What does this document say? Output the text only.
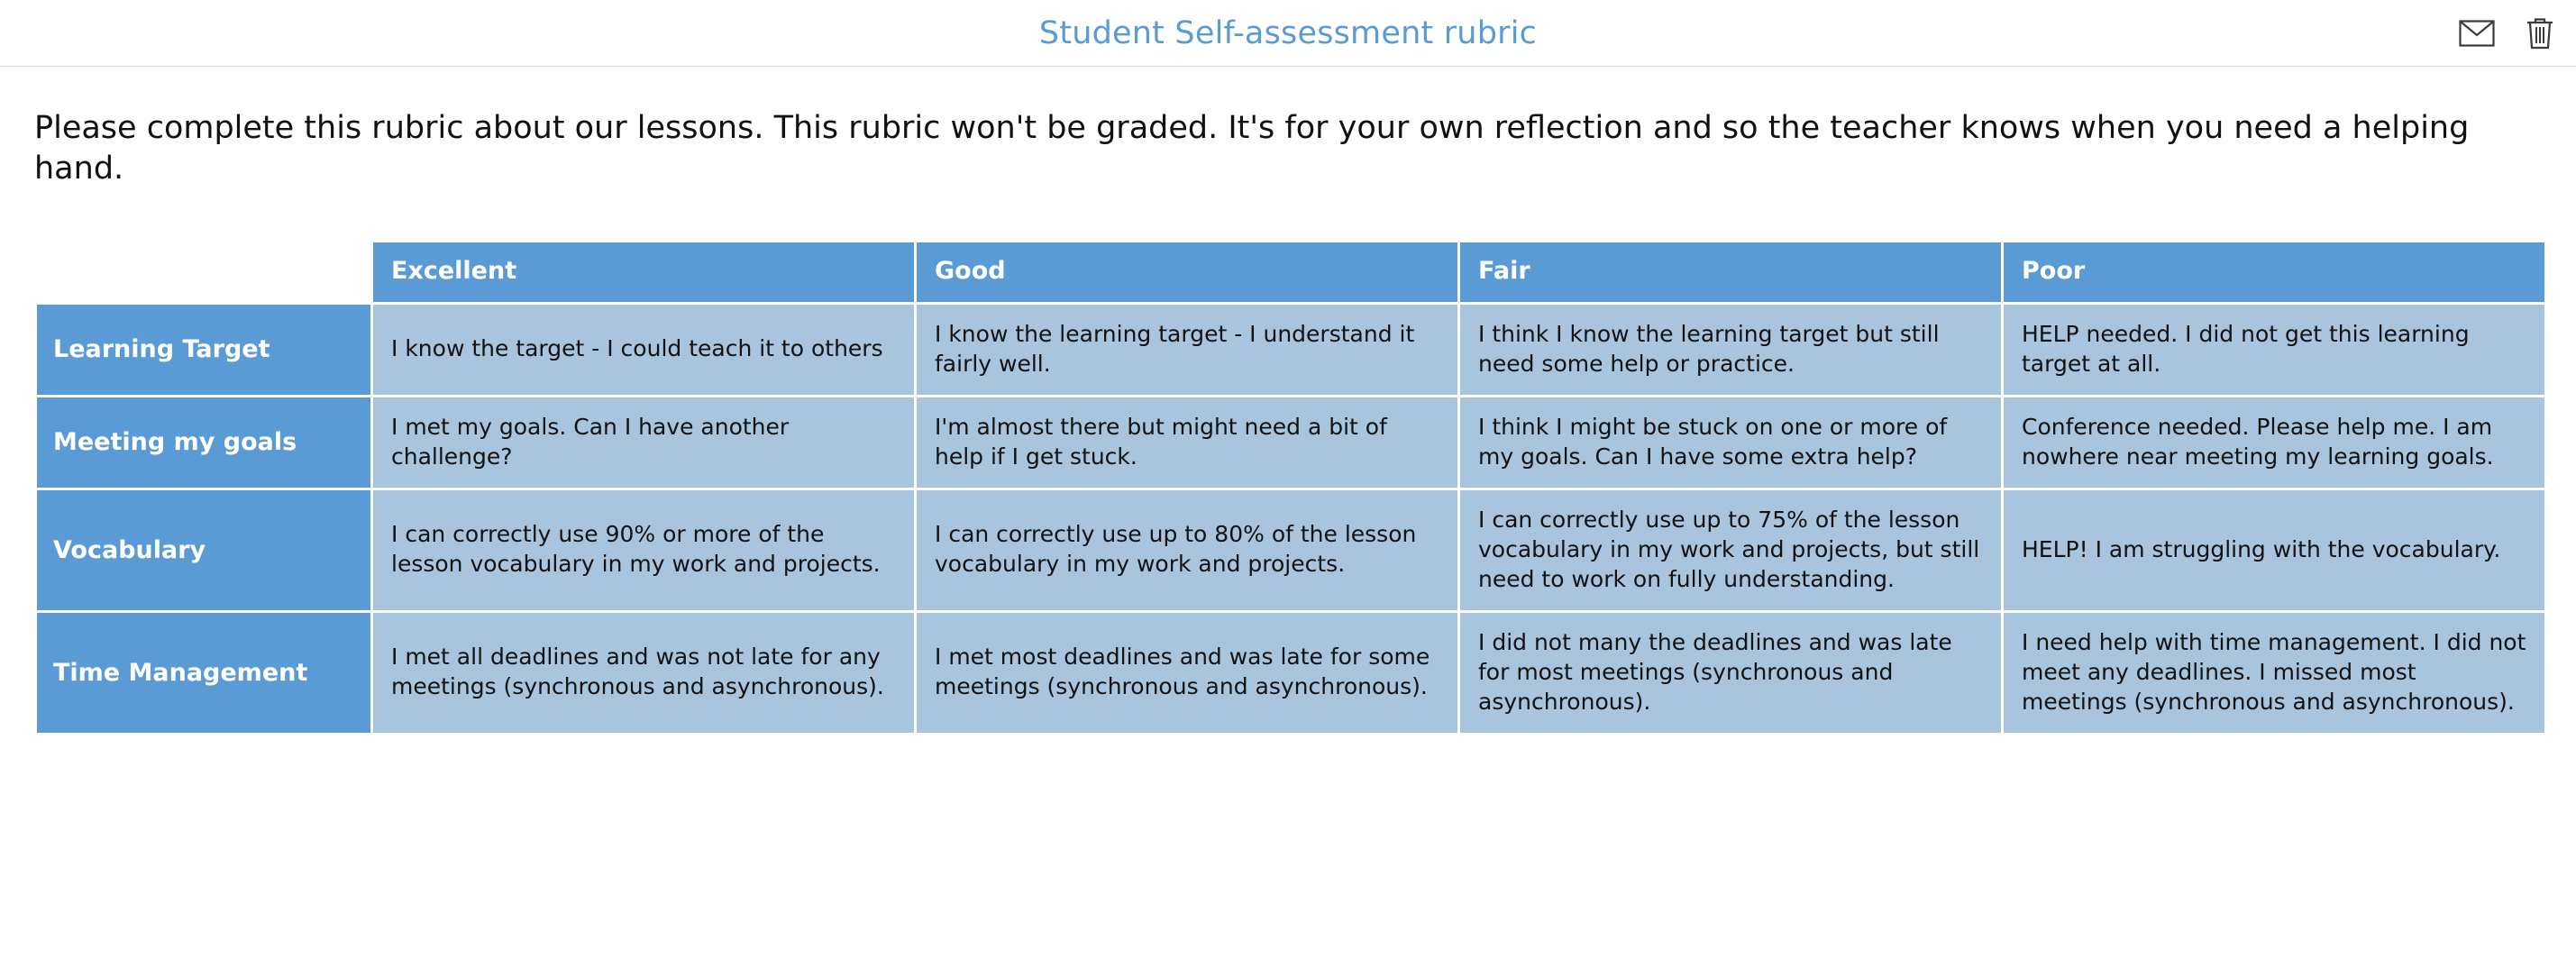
Student Self-assessment rubric

Please complete this rubric about our lessons. This rubric won't be graded. It's for your own reflection and so the teacher knows when you need a helping hand.

	Excellent	Good	Fair	Poor
Learning Target	I know the target - I could teach it to others	I know the learning target - I understand it fairly well.	I think I know the learning target but still need some help or practice.	HELP needed. I did not get this learning target at all.
Meeting my goals	I met my goals. Can I have another challenge?	I'm almost there but might need a bit of help if I get stuck.	I think I might be stuck on one or more of my goals. Can I have some extra help?	Conference needed. Please help me. I am nowhere near meeting my learning goals.
Vocabulary	I can correctly use 90% or more of the lesson vocabulary in my work and projects.	I can correctly use up to 80% of the lesson vocabulary in my work and projects.	I can correctly use up to 75% of the lesson vocabulary in my work and projects, but still need to work on fully understanding.	HELP! I am struggling with the vocabulary.
Time Management	I met all deadlines and was not late for any meetings (synchronous and asynchronous).	I met most deadlines and was late for some meetings (synchronous and asynchronous).	I did not many the deadlines and was late for most meetings (synchronous and asynchronous).	I need help with time management. I did not meet any deadlines. I missed most meetings (synchronous and asynchronous).
